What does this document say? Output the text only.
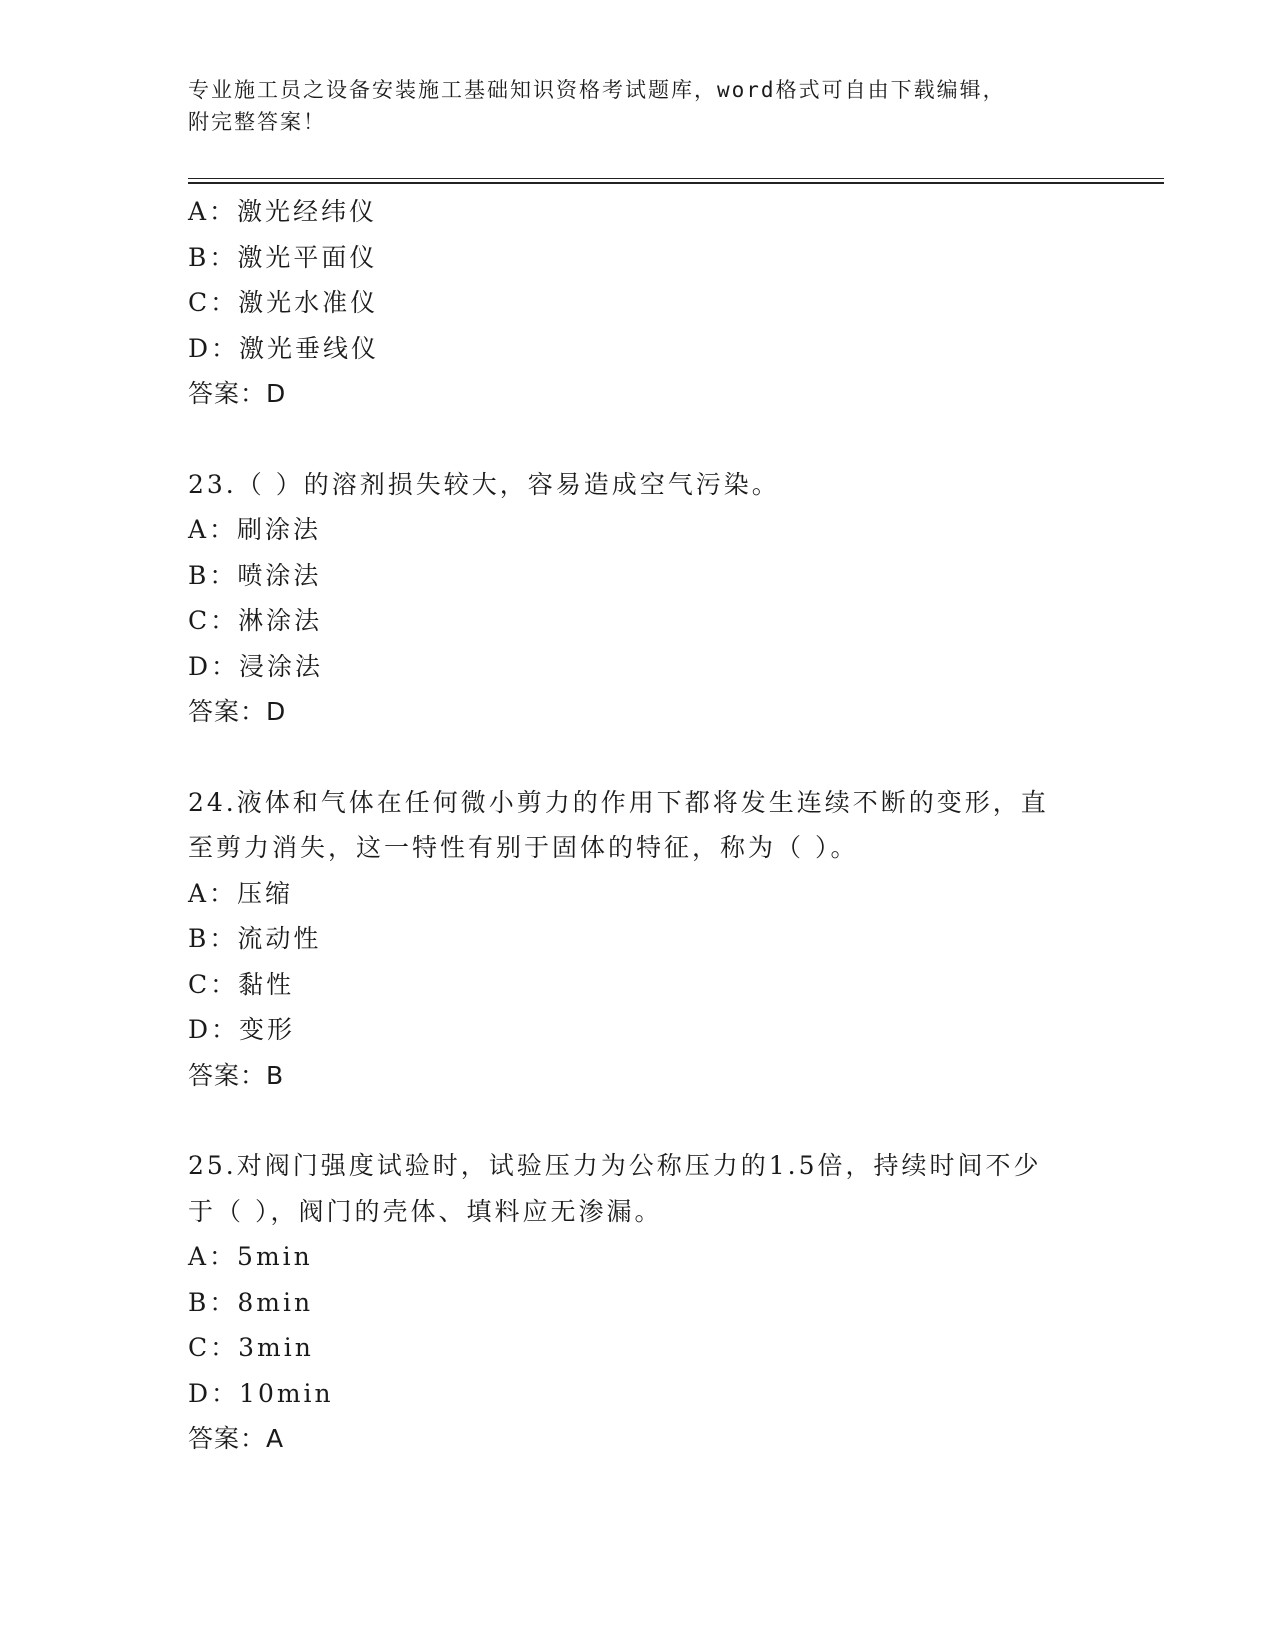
专业施工员之设备安装施工基础知识资格考试题库，word格式可自由下载编辑，
附完整答案！
A：激光经纬仪
B：激光平面仪
C：激光水准仪
D：激光垂线仪
答案：D
23.（ ）的溶剂损失较大，容易造成空气污染。
A：刷涂法
B：喷涂法
C：淋涂法
D：浸涂法
答案：D
24.液体和气体在任何微小剪力的作用下都将发生连续不断的变形，直
至剪力消失，这一特性有别于固体的特征，称为（ ）。
A：压缩
B：流动性
C：黏性
D：变形
答案：B
25.对阀门强度试验时，试验压力为公称压力的1.5倍，持续时间不少
于（ ），阀门的壳体、填料应无渗漏。
A：5min
B：8min
C：3min
D：10min
答案：A
